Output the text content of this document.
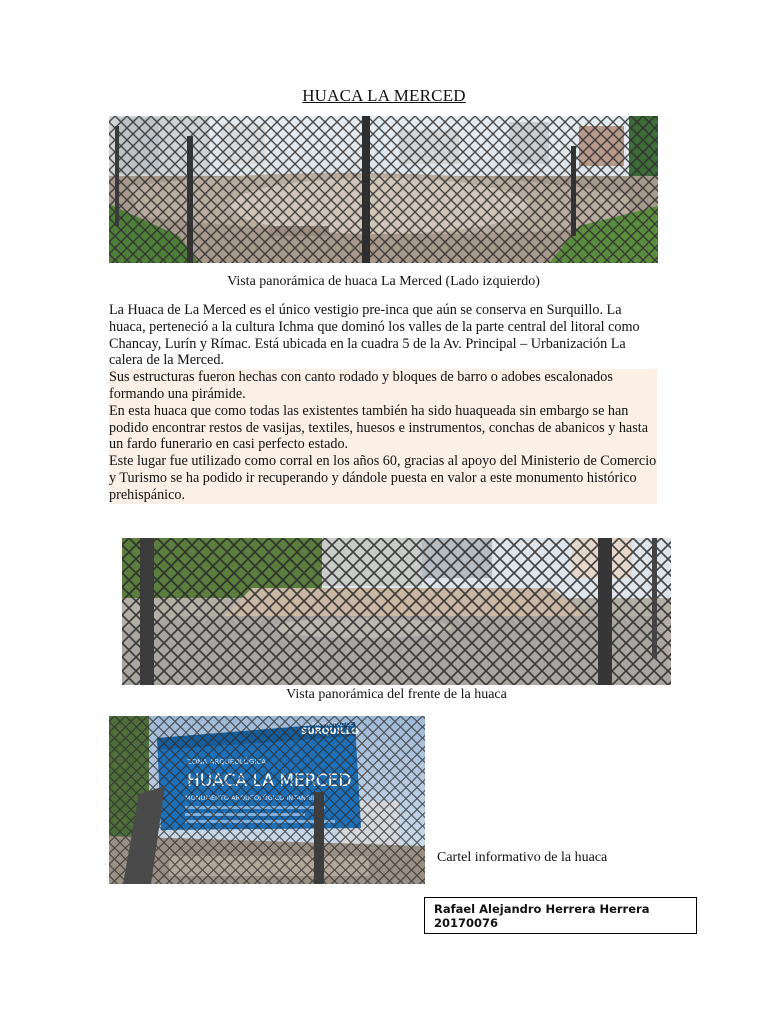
HUACA LA MERCED
Vista panorámica de huaca La Merced (Lado izquierdo)

La Huaca de La Merced es el único vestigio pre-inca que aún se conserva en Surquillo. La huaca, perteneció a la cultura Ichma que dominó los valles de la parte central del litoral como Chancay, Lurín y Rímac. Está ubicada en la cuadra 5 de la Av. Principal – Urbanización La calera de la Merced.

Sus estructuras fueron hechas con canto rodado y bloques de barro o adobes escalonados formando una pirámide.

En esta huaca que como todas las existentes también ha sido huaqueada sin embargo se han podido encontrar restos de vasijas, textiles, huesos e instrumentos, conchas de abanicos y hasta un fardo funerario en casi perfecto estado.

Este lugar fue utilizado como corral en los años 60, gracias al apoyo del Ministerio de Comercio y Turismo se ha podido ir recuperando y dándole puesta en valor a este monumento histórico prehispánico.

Vista panorámica del frente de la huaca
Cartel informativo de la huaca
Rafael Alejandro Herrera Herrera 20170076
